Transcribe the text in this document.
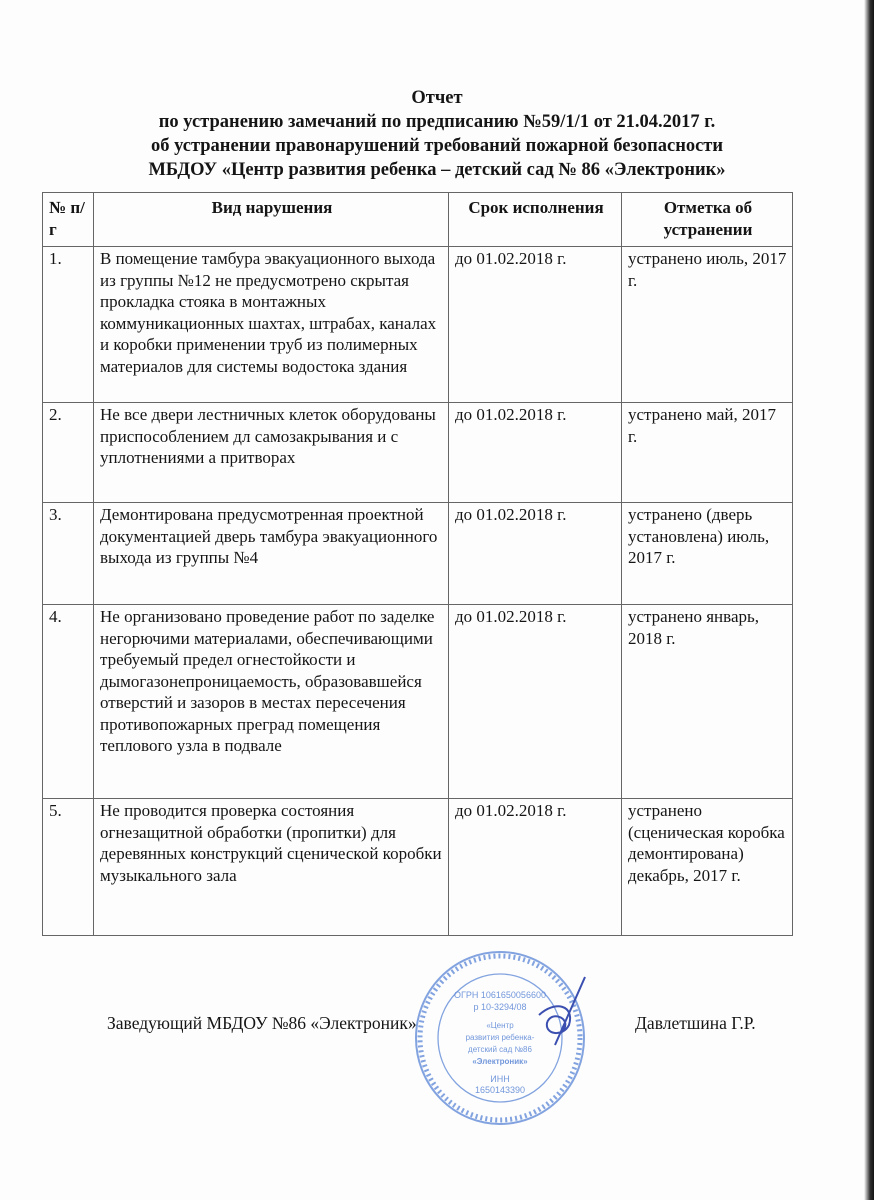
Отчет
по устранению замечаний по предписанию №59/1/1 от 21.04.2017 г.
об устранении правонарушений требований пожарной безопасности
МБДОУ «Центр развития ребенка – детский сад № 86 «Электроник»
№ п/г	Вид нарушения	Срок исполнения	Отметка об устранении
1.	В помещение тамбура эвакуационного выхода из группы №12 не предусмотрено скрытая прокладка стояка в монтажных коммуникационных шахтах, штрабах, каналах и коробки применении труб из полимерных материалов для системы водостока здания	до 01.02.2018 г.	устранено июль, 2017 г.
2.	Не все двери лестничных клеток оборудованы приспособлением дл самозакрывания и с уплотнениями а притворах	до 01.02.2018 г.	устранено май, 2017 г.
3.	Демонтирована предусмотренная проектной документацией дверь тамбура эвакуационного выхода из группы №4	до 01.02.2018 г.	устранено (дверь установлена) июль, 2017 г.
4.	Не организовано проведение работ по заделке негорючими материалами, обеспечивающими требуемый предел огнестойкости и дымогазонепроницаемость, образовавшейся отверстий и зазоров в местах пересечения противопожарных преград помещения теплового узла в подвале	до 01.02.2018 г.	устранено январь, 2018 г.
5.	Не проводится проверка состояния огнезащитной обработки (пропитки) для деревянных конструкций сценической коробки музыкального зала	до 01.02.2018 г.	устранено (сценическая коробка демонтирована) декабрь, 2017 г.
Заведующий МБДОУ №86 «Электроник»	Давлетшина Г.Р.
ОГРН 1061650056600
р 10-3294/08
«Центр
развития ребенка-
детский сад №86
«Электроник»
ИНН
1650143390
